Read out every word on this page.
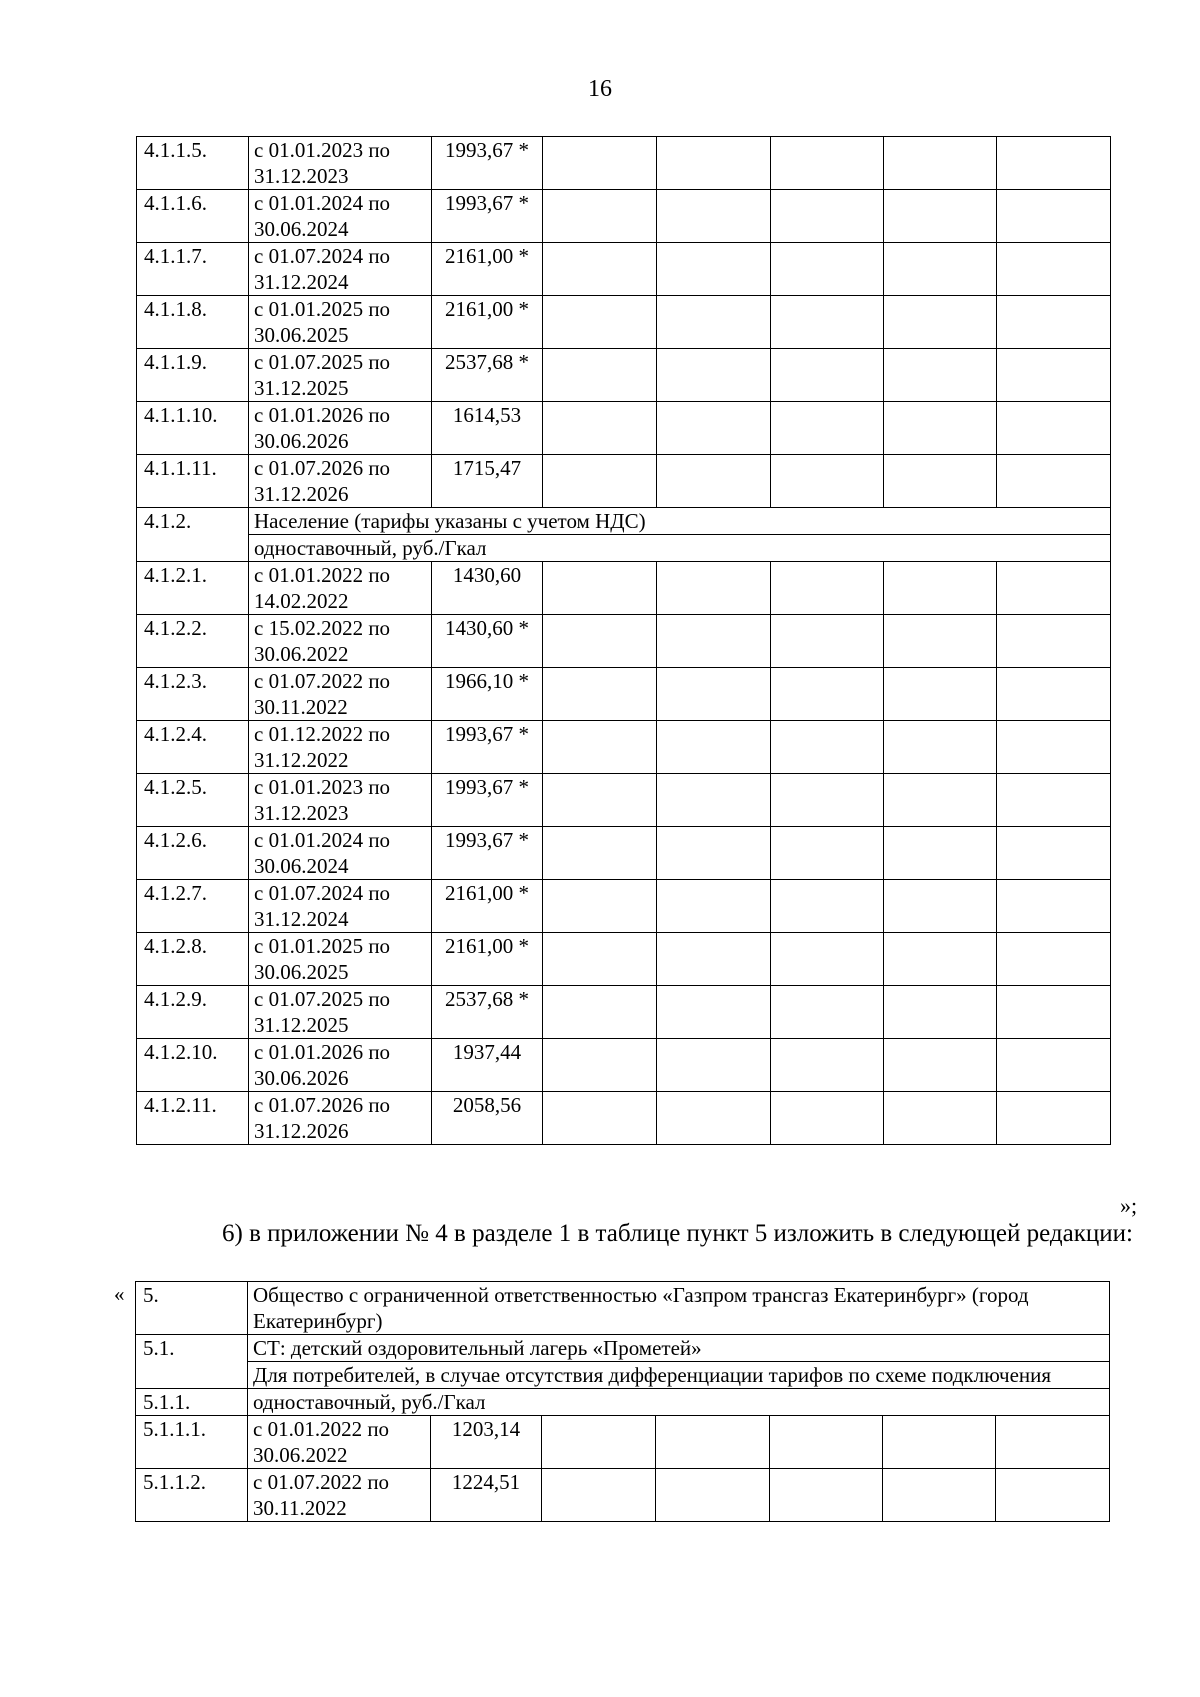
16
4.1.1.5.	с 01.01.2023 по 31.12.2023	1993,67 *					
4.1.1.6.	с 01.01.2024 по 30.06.2024	1993,67 *					
4.1.1.7.	с 01.07.2024 по 31.12.2024	2161,00 *					
4.1.1.8.	с 01.01.2025 по 30.06.2025	2161,00 *					
4.1.1.9.	с 01.07.2025 по 31.12.2025	2537,68 *					
4.1.1.10.	с 01.01.2026 по 30.06.2026	1614,53					
4.1.1.11.	с 01.07.2026 по 31.12.2026	1715,47					
4.1.2.	Население (тарифы указаны с учетом НДС)						
	одноставочный, руб./Гкал						
4.1.2.1.	с 01.01.2022 по 14.02.2022	1430,60					
4.1.2.2.	с 15.02.2022 по 30.06.2022	1430,60 *					
4.1.2.3.	с 01.07.2022 по 30.11.2022	1966,10 *					
4.1.2.4.	с 01.12.2022 по 31.12.2022	1993,67 *					
4.1.2.5.	с 01.01.2023 по 31.12.2023	1993,67 *					
4.1.2.6.	с 01.01.2024 по 30.06.2024	1993,67 *					
4.1.2.7.	с 01.07.2024 по 31.12.2024	2161,00 *					
4.1.2.8.	с 01.01.2025 по 30.06.2025	2161,00 *					
4.1.2.9.	с 01.07.2025 по 31.12.2025	2537,68 *					
4.1.2.10.	с 01.01.2026 по 30.06.2026	1937,44					
4.1.2.11.	с 01.07.2026 по 31.12.2026	2058,56					
»;
6) в приложении № 4 в разделе 1 в таблице пункт 5 изложить в следующей редакции:
« 5.	Общество с ограниченной ответственностью «Газпром трансгаз Екатеринбург» (город Екатеринбург)						
5.1.	СТ: детский оздоровительный лагерь «Прометей»						
	Для потребителей, в случае отсутствия дифференциации тарифов по схеме подключения						
5.1.1.	одноставочный, руб./Гкал						
5.1.1.1.	с 01.01.2022 по 30.06.2022	1203,14					
5.1.1.2.	с 01.07.2022 по 30.11.2022	1224,51					
